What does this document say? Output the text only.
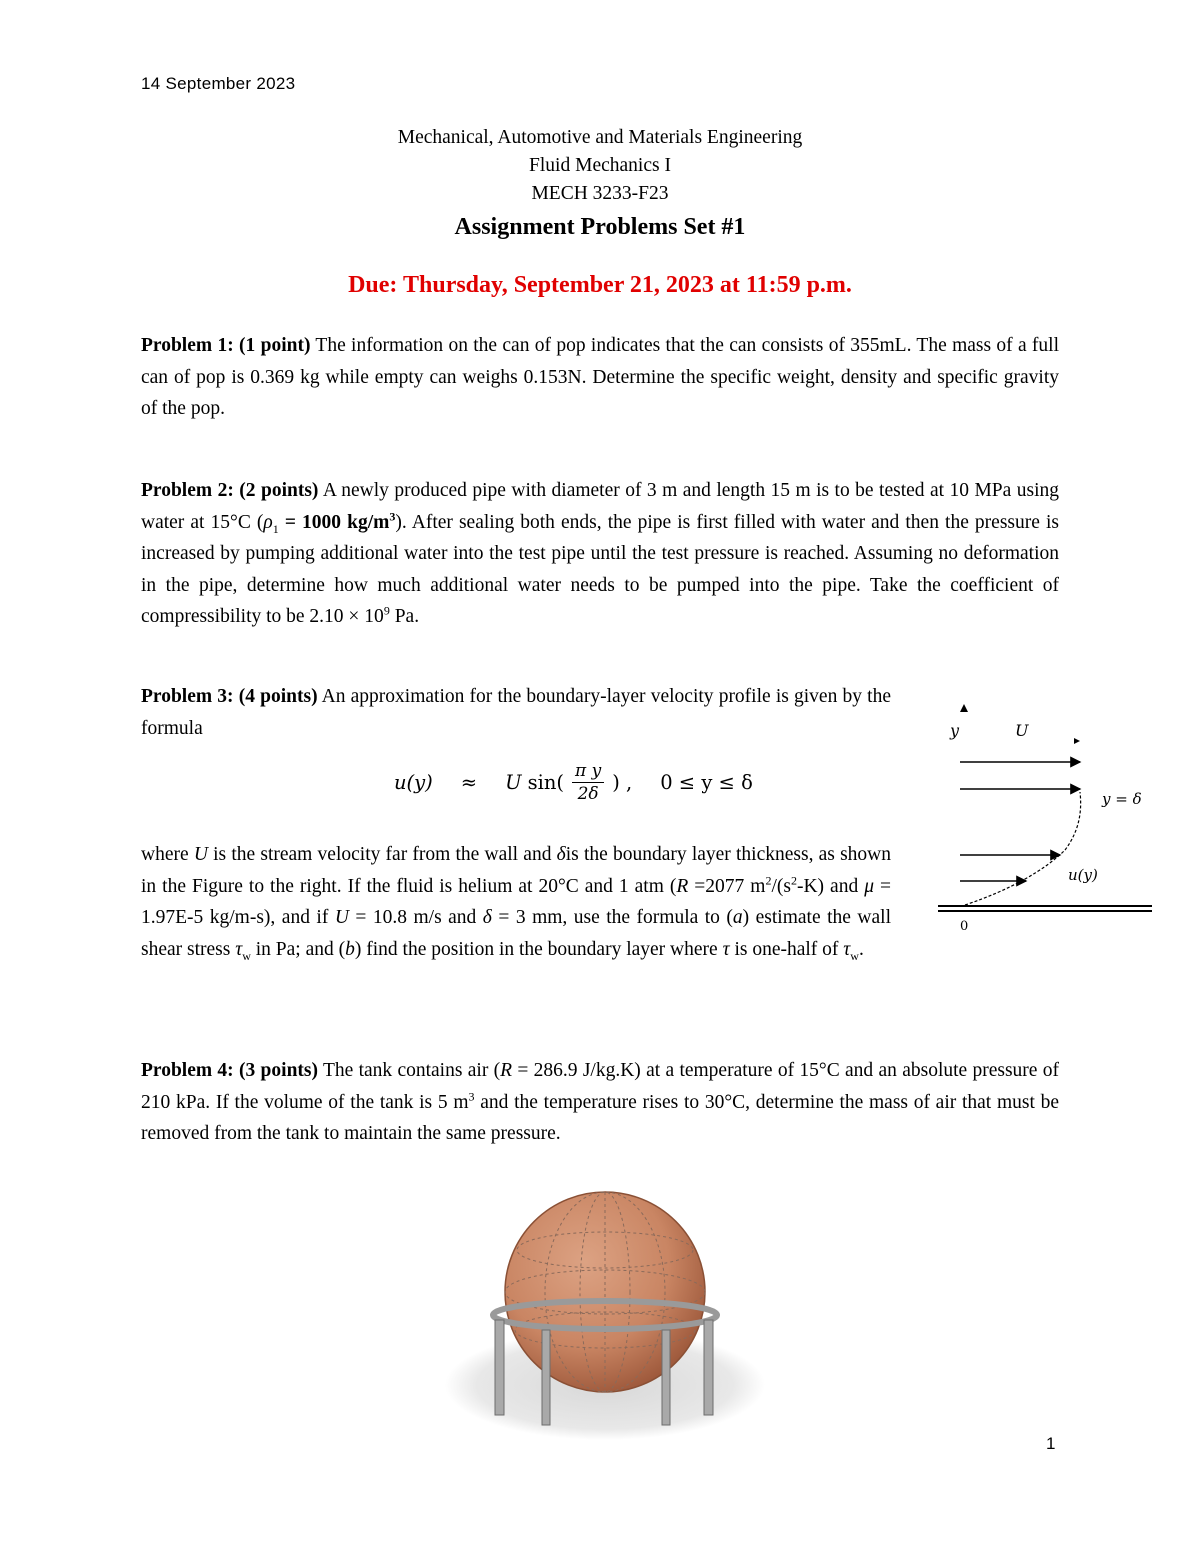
14 September 2023
Mechanical, Automotive and Materials Engineering
Fluid Mechanics I
MECH 3233-F23
Assignment Problems Set #1
Due: Thursday, September 21, 2023 at 11:59 p.m.
Problem 1: (1 point) The information on the can of pop indicates that the can consists of 355mL. The mass of a full can of pop is 0.369 kg while empty can weighs 0.153N. Determine the specific weight, density and specific gravity of the pop.
Problem 2: (2 points) A newly produced pipe with diameter of 3 m and length 15 m is to be tested at 10 MPa using water at 15°C ($\rho_1 = 1000$ $kg/m^3$). After sealing both ends, the pipe is first filled with water and then the pressure is increased by pumping additional water into the test pipe until the test pressure is reached. Assuming no deformation in the pipe, determine how much additional water needs to be pumped into the pipe. Take the coefficient of compressibility to be $2.10 \times 10^9$ Pa.
Problem 3: (4 points) An approximation for the boundary-layer velocity profile is given by the formula
u(y) ≈ U $\sin( \frac{\text{π y}}{2\delta}$ ) , 0 ≤ y ≤ δ
where U is the stream velocity far from the wall and δis the boundary layer thickness, as shown in the Figure to the right. If the fluid is helium at 20°C and 1 atm (R =2077 $m^2/(s^2-K)$ and μ = 1.97E-5 kg/m-s), and if U = 10.8 m/s and δ = 3 mm, use the formula to (a) estimate the wall shear stress $\tau_w$ in Pa; and (b) find the position in the boundary layer where τ is one-half of $\tau_w$.
y	U
y = δ
u(y)
0
Problem 4: (3 points) The tank contains air (R = 286.9 J/kg.K) at a temperature of 15°C and an absolute pressure of 210 kPa. If the volume of the tank is 5 $m^3$ and the temperature rises to 30°C, determine the mass of air that must be removed from the tank to maintain the same pressure.
1
